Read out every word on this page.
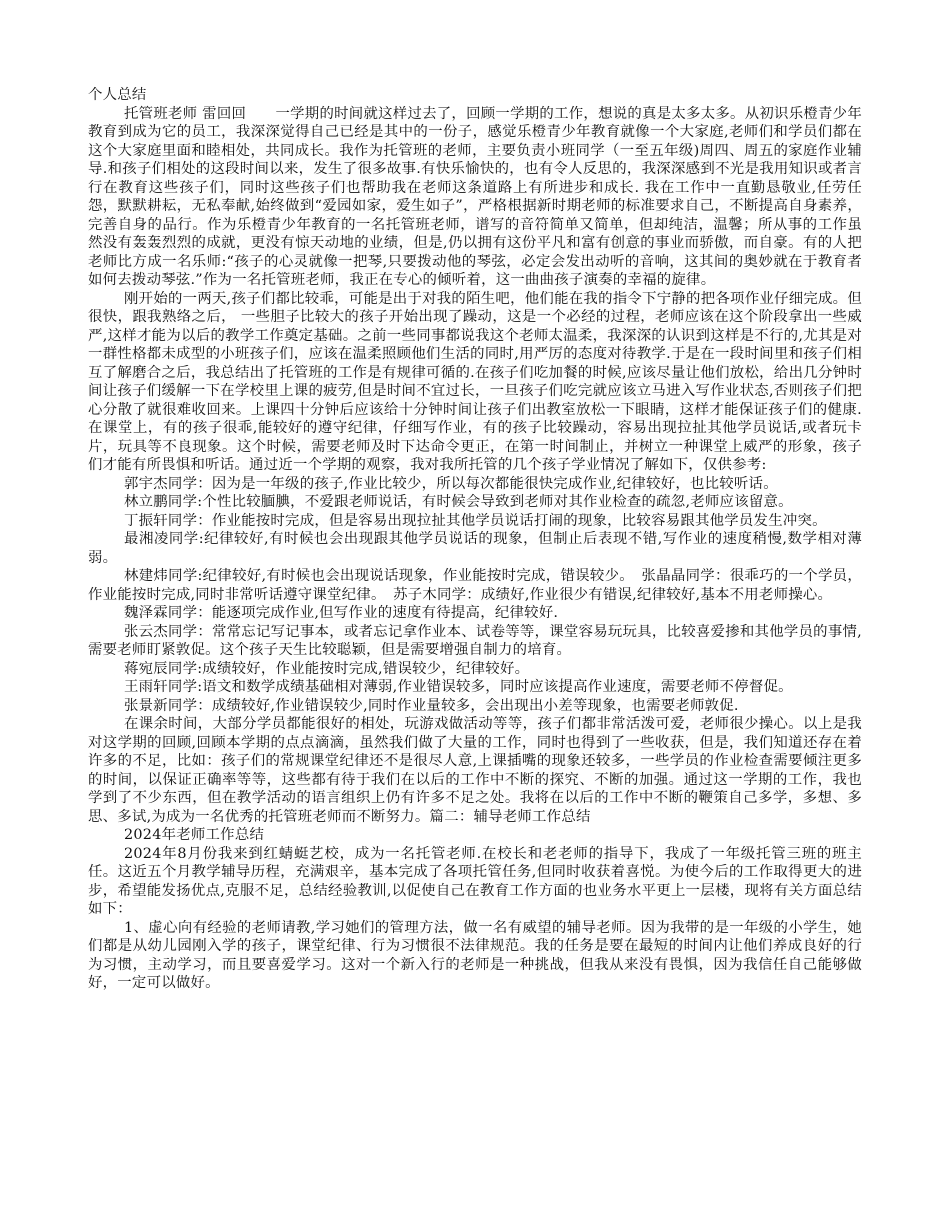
个人总结

托管班老师 雷回回　　一学期的时间就这样过去了，回顾一学期的工作，想说的真是太多太多。从初识乐橙青少年教育到成为它的员工，我深深觉得自己已经是其中的一份子，感觉乐橙青少年教育就像一个大家庭,老师们和学员们都在这个大家庭里面和睦相处，共同成长。我作为托管班的老师，主要负责小班同学（一至五年级)周四、周五的家庭作业辅导.和孩子们相处的这段时间以来，发生了很多故事.有快乐愉快的，也有令人反思的，我深深感到不光是我用知识或者言行在教育这些孩子们，同时这些孩子们也帮助我在老师这条道路上有所进步和成长. 我在工作中一直勤恳敬业,任劳任怨，默默耕耘，无私奉献,始终做到“爱园如家，爱生如子”，严格根据新时期老师的标准要求自己，不断提高自身素养，完善自身的品行。作为乐橙青少年教育的一名托管班老师，谱写的音符简单又简单，但却纯洁，温馨；所从事的工作虽然没有轰轰烈烈的成就，更没有惊天动地的业绩，但是,仍以拥有这份平凡和富有创意的事业而骄傲，而自豪。有的人把老师比方成一名乐师:“孩子的心灵就像一把琴,只要拨动他的琴弦，必定会发出动听的音响，这其间的奥妙就在于教育者如何去拨动琴弦.”作为一名托管班老师，我正在专心的倾听着，这一曲曲孩子演奏的幸福的旋律。

刚开始的一两天,孩子们都比较乖，可能是出于对我的陌生吧，他们能在我的指令下宁静的把各项作业仔细完成。但很快，跟我熟络之后， 一些胆子比较大的孩子开始出现了躁动，这是一个必经的过程，老师应该在这个阶段拿出一些威严,这样才能为以后的教学工作奠定基础。之前一些同事都说我这个老师太温柔，我深深的认识到这样是不行的,尤其是对一群性格都未成型的小班孩子们，应该在温柔照顾他们生活的同时,用严厉的态度对待教学.于是在一段时间里和孩子们相互了解磨合之后，我总结出了托管班的工作是有规律可循的.在孩子们吃加餐的时候,应该尽量让他们放松，给出几分钟时间让孩子们缓解一下在学校里上课的疲劳,但是时间不宜过长，一旦孩子们吃完就应该立马进入写作业状态,否则孩子们把心分散了就很难收回来。上课四十分钟后应该给十分钟时间让孩子们出教室放松一下眼睛，这样才能保证孩子们的健康.在课堂上，有的孩子很乖,能较好的遵守纪律，仔细写作业，有的孩子比较躁动，容易出现拉扯其他学员说话,或者玩卡片，玩具等不良现象。这个时候，需要老师及时下达命令更正，在第一时间制止，并树立一种课堂上威严的形象，孩子们才能有所畏惧和听话。通过近一个学期的观察，我对我所托管的几个孩子学业情况了解如下，仅供参考:

郭宇杰同学：因为是一年级的孩子,作业比较少，所以每次都能很快完成作业,纪律较好，也比较听话。

林立鹏同学:个性比较腼腆，不爱跟老师说话，有时候会导致到老师对其作业检查的疏忽,老师应该留意。

丁振轩同学：作业能按时完成，但是容易出现拉扯其他学员说话打闹的现象，比较容易跟其他学员发生冲突。

最湘凌同学:纪律较好,有时候也会出现跟其他学员说话的现象，但制止后表现不错,写作业的速度稍慢,数学相对薄弱。

林建炜同学:纪律较好,有时候也会出现说话现象，作业能按时完成，错误较少。　张晶晶同学：很乖巧的一个学员，作业能按时完成,同时非常听话遵守课堂纪律。　苏子木同学：成绩好,作业很少有错误,纪律较好,基本不用老师操心。

魏泽霖同学：能逐项完成作业,但写作业的速度有待提高，纪律较好.

张云杰同学：常常忘记写记事本，或者忘记拿作业本、试卷等等，课堂容易玩玩具，比较喜爱掺和其他学员的事情,需要老师盯紧敦促。这个孩子天生比较聪颖，但是需要增强自制力的培育。

蒋宛辰同学:成绩较好，作业能按时完成,错误较少，纪律较好。

王雨轩同学:语文和数学成绩基础相对薄弱,作业错误较多，同时应该提高作业速度，需要老师不停督促。

张景新同学：成绩较好,作业错误较少,同时作业量较多，会出现出小差等现象，也需要老师敦促.

在课余时间，大部分学员都能很好的相处，玩游戏做活动等等，孩子们都非常活泼可爱，老师很少操心。以上是我对这学期的回顾,回顾本学期的点点滴滴，虽然我们做了大量的工作，同时也得到了一些收获，但是，我们知道还存在着许多的不足，比如：孩子们的常规课堂纪律还不是很尽人意,上课插嘴的现象还较多，一些学员的作业检查需要倾注更多的时间，以保证正确率等等，这些都有待于我们在以后的工作中不断的探究、不断的加强。通过这一学期的工作，我也学到了不少东西，但在教学活动的语言组织上仍有许多不足之处。我将在以后的工作中不断的鞭策自己多学，多想、多思、多试,为成为一名优秀的托管班老师而不断努力。篇二：辅导老师工作总结

2024年老师工作总结

2024年8月份我来到红蜻蜓艺校，成为一名托管老师.在校长和老老师的指导下，我成了一年级托管三班的班主任。这近五个月教学辅导历程，充满艰辛，基本完成了各项托管任务,但同时收获着喜悦。为使今后的工作取得更大的进步，希望能发扬优点,克服不足，总结经验教训,以促使自己在教育工作方面的也业务水平更上一层楼，现将有关方面总结如下：

1、虚心向有经验的老师请教,学习她们的管理方法，做一名有威望的辅导老师。因为我带的是一年级的小学生，她们都是从幼儿园刚入学的孩子，课堂纪律、行为习惯很不法律规范。我的任务是要在最短的时间内让他们养成良好的行为习惯，主动学习，而且要喜爱学习。这对一个新入行的老师是一种挑战，但我从来没有畏惧，因为我信任自己能够做好，一定可以做好。
